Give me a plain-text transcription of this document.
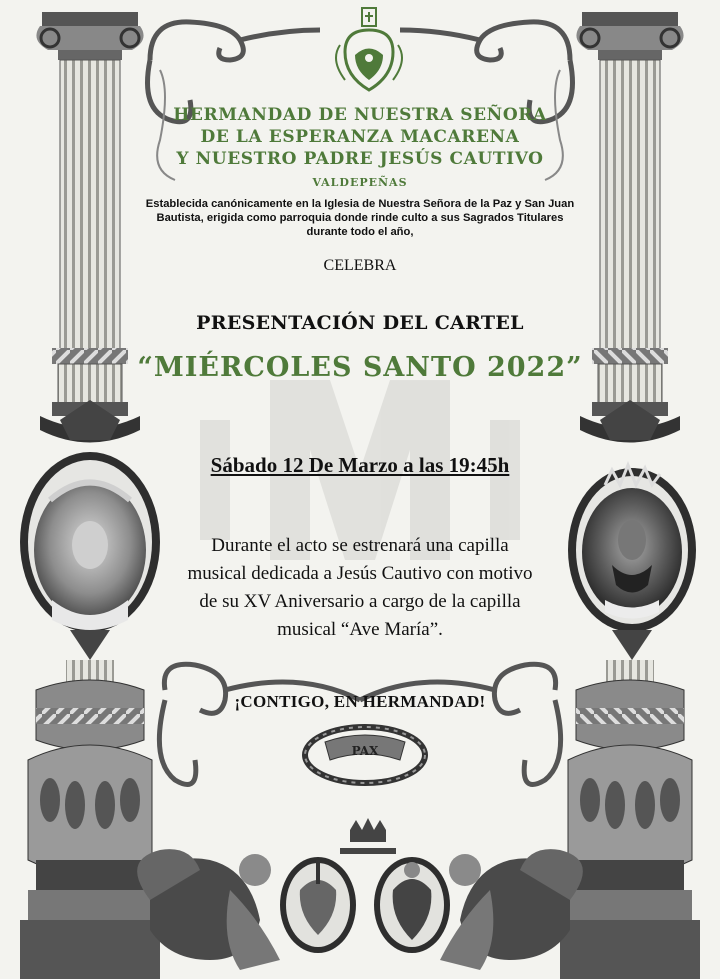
HERMANDAD DE NUESTRA SEÑORA
DE LA ESPERANZA MACARENA
Y NUESTRO PADRE JESÚS CAUTIVO
VALDEPEÑAS
Establecida canónicamente en la Iglesia de Nuestra Señora de la Paz y San Juan
Bautista, erigida como parroquia donde rinde culto a sus Sagrados Titulares
durante todo el año,
CELEBRA
PRESENTACIÓN DEL CARTEL
“MIÉRCOLES SANTO 2022”
Sábado 12 De Marzo a las 19:45h
Durante el acto se estrenará una capilla
musical dedicada a Jesús Cautivo con motivo
de su XV Aniversario a cargo de la capilla
musical “Ave María”.
¡CONTIGO, EN HERMANDAD!
PAX
